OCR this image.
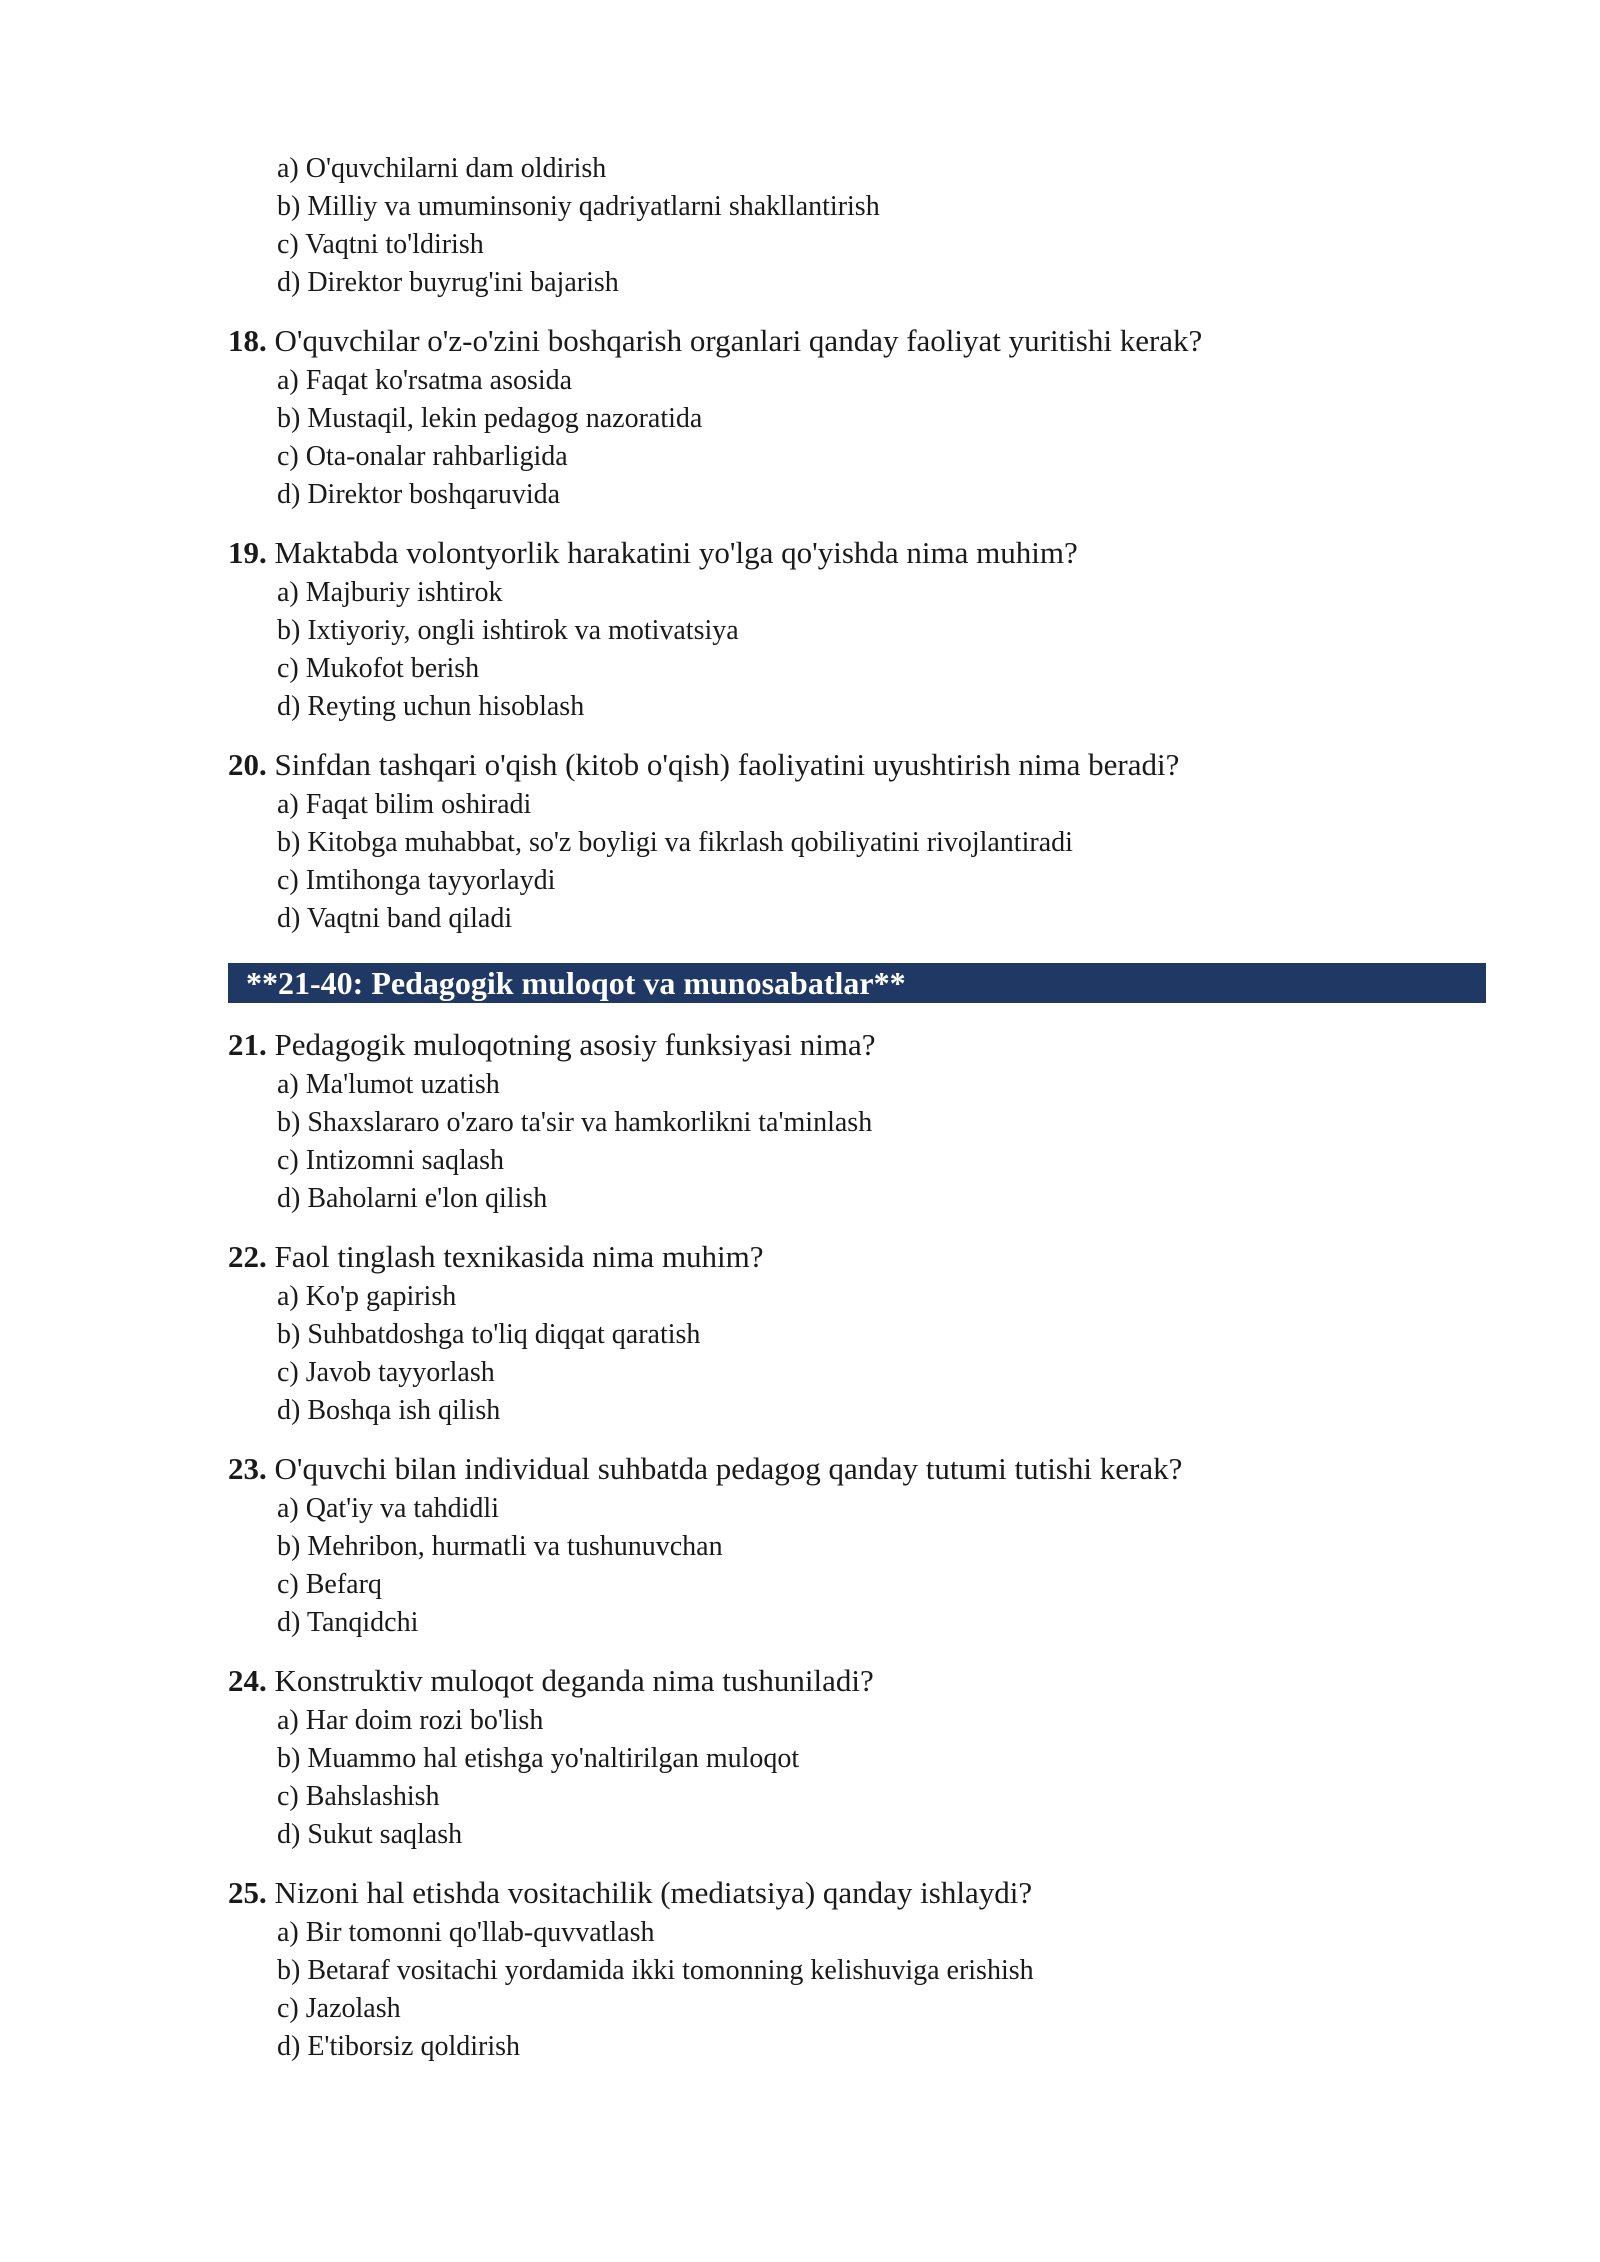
a) O'quvchilarni dam oldirish
b) Milliy va umuminsoniy qadriyatlarni shakllantirish
c) Vaqtni to'ldirish
d) Direktor buyrug'ini bajarish
18. O'quvchilar o'z-o'zini boshqarish organlari qanday faoliyat yuritishi kerak?
a) Faqat ko'rsatma asosida
b) Mustaqil, lekin pedagog nazoratida
c) Ota-onalar rahbarligida
d) Direktor boshqaruvida
19. Maktabda volontyorlik harakatini yo'lga qo'yishda nima muhim?
a) Majburiy ishtirok
b) Ixtiyoriy, ongli ishtirok va motivatsiya
c) Mukofot berish
d) Reyting uchun hisoblash
20. Sinfdan tashqari o'qish (kitob o'qish) faoliyatini uyushtirish nima beradi?
a) Faqat bilim oshiradi
b) Kitobga muhabbat, so'z boyligi va fikrlash qobiliyatini rivojlantiradi
c) Imtihonga tayyorlaydi
d) Vaqtni band qiladi
**21-40: Pedagogik muloqot va munosabatlar**
21. Pedagogik muloqotning asosiy funksiyasi nima?
a) Ma'lumot uzatish
b) Shaxslararo o'zaro ta'sir va hamkorlikni ta'minlash
c) Intizomni saqlash
d) Baholarni e'lon qilish
22. Faol tinglash texnikasida nima muhim?
a) Ko'p gapirish
b) Suhbatdoshga to'liq diqqat qaratish
c) Javob tayyorlash
d) Boshqa ish qilish
23. O'quvchi bilan individual suhbatda pedagog qanday tutumi tutishi kerak?
a) Qat'iy va tahdidli
b) Mehribon, hurmatli va tushunuvchan
c) Befarq
d) Tanqidchi
24. Konstruktiv muloqot deganda nima tushuniladi?
a) Har doim rozi bo'lish
b) Muammo hal etishga yo'naltirilgan muloqot
c) Bahslashish
d) Sukut saqlash
25. Nizoni hal etishda vositachilik (mediatsiya) qanday ishlaydi?
a) Bir tomonni qo'llab-quvvatlash
b) Betaraf vositachi yordamida ikki tomonning kelishuviga erishish
c) Jazolash
d) E'tiborsiz qoldirish
